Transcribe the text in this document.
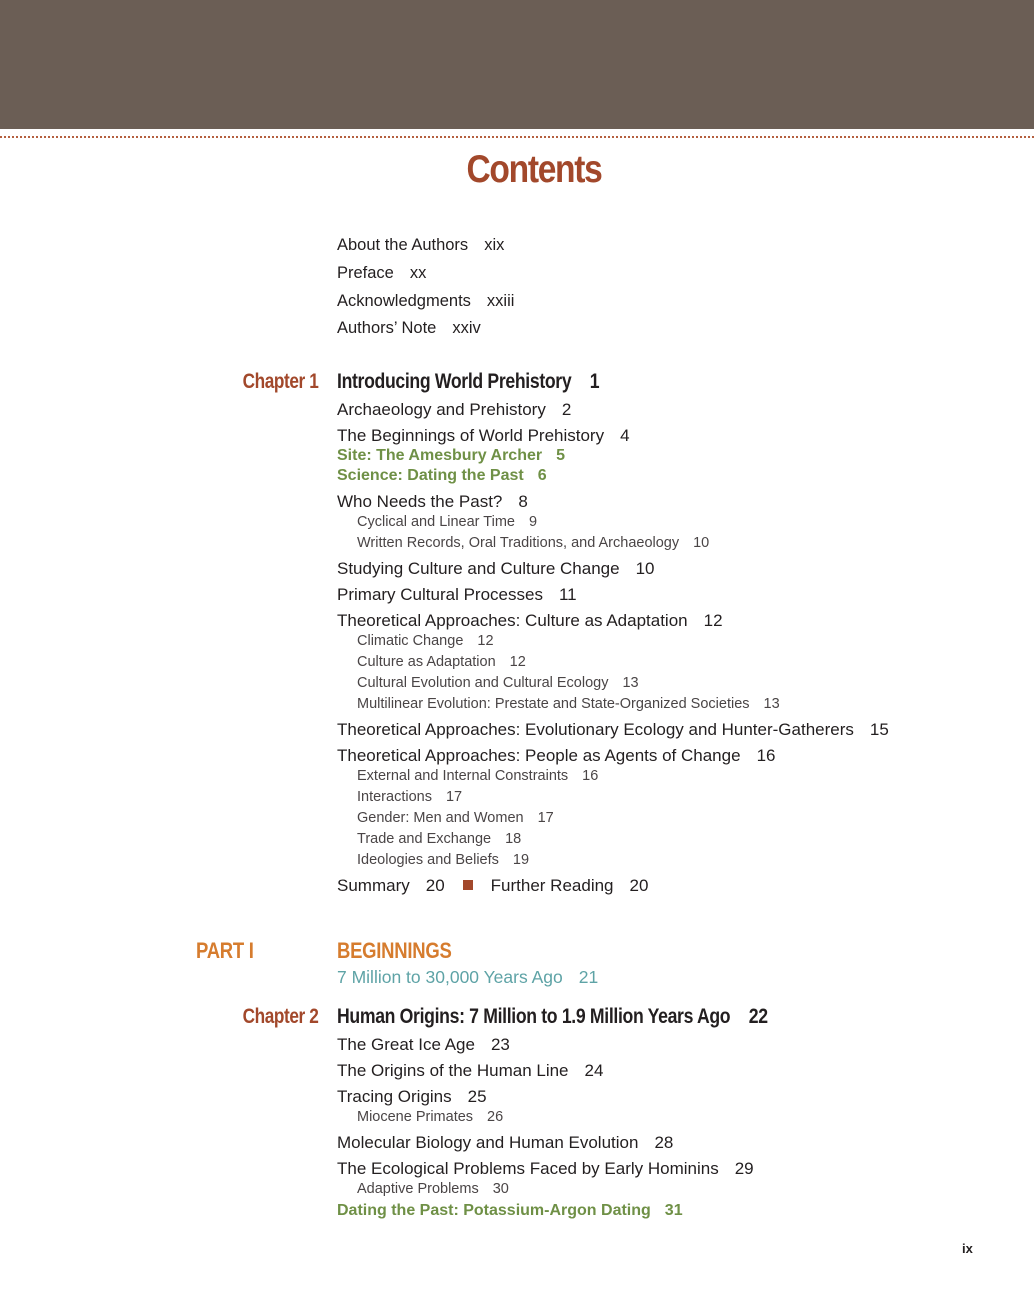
Contents
About the Authors xix
Preface xx
Acknowledgments xxiii
Authors’ Note xxiv
Chapter 1 Introducing World Prehistory 1
Archaeology and Prehistory 2
The Beginnings of World Prehistory 4
Site: The Amesbury Archer 5
Science: Dating the Past 6
Who Needs the Past? 8
Cyclical and Linear Time 9
Written Records, Oral Traditions, and Archaeology 10
Studying Culture and Culture Change 10
Primary Cultural Processes 11
Theoretical Approaches: Culture as Adaptation 12
Climatic Change 12
Culture as Adaptation 12
Cultural Evolution and Cultural Ecology 13
Multilinear Evolution: Prestate and State-Organized Societies 13
Theoretical Approaches: Evolutionary Ecology and Hunter-Gatherers 15
Theoretical Approaches: People as Agents of Change 16
External and Internal Constraints 16
Interactions 17
Gender: Men and Women 17
Trade and Exchange 18
Ideologies and Beliefs 19
Summary 20	Further Reading 20
PART I	BEGINNINGS
7 Million to 30,000 Years Ago 21
Chapter 2 Human Origins: 7 Million to 1.9 Million Years Ago 22
The Great Ice Age 23
The Origins of the Human Line 24
Tracing Origins 25
Miocene Primates 26
Molecular Biology and Human Evolution 28
The Ecological Problems Faced by Early Hominins 29
Adaptive Problems 30
Dating the Past: Potassium-Argon Dating 31
ix
